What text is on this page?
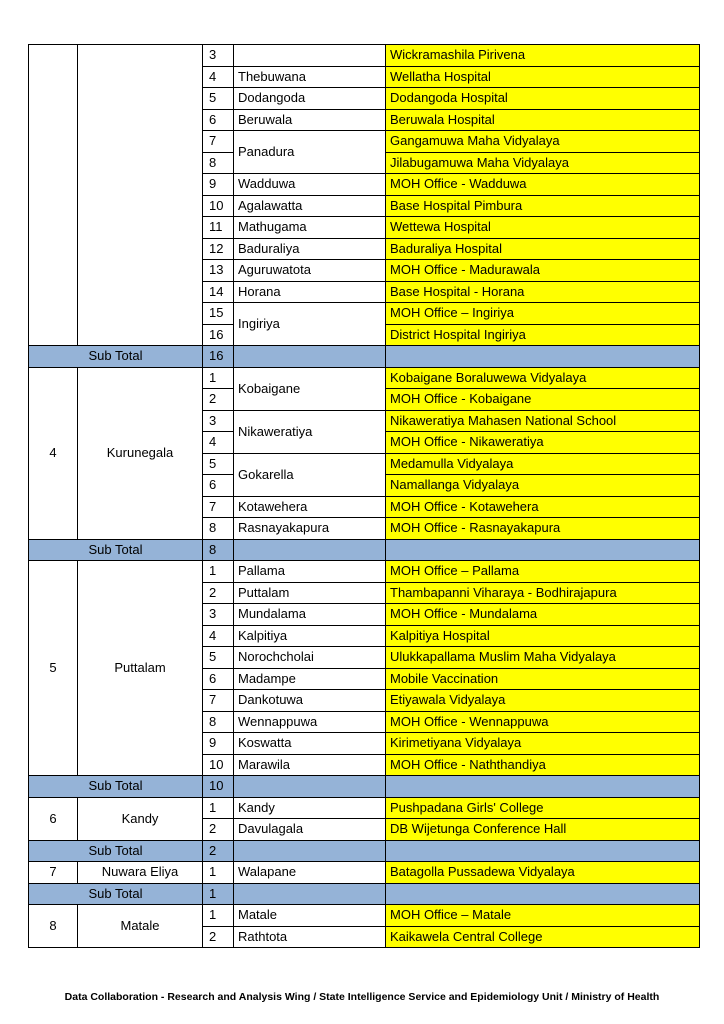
		3		Wickramashila Pirivena
		4	Thebuwana	Wellatha Hospital
		5	Dodangoda	Dodangoda Hospital
		6	Beruwala	Beruwala Hospital
		7	Panadura	Gangamuwa Maha Vidyalaya
		8		Jilabugamuwa Maha Vidyalaya
		9	Wadduwa	MOH Office - Wadduwa
		10	Agalawatta	Base Hospital Pimbura
		11	Mathugama	Wettewa Hospital
		12	Baduraliya	Baduraliya Hospital
		13	Aguruwatota	MOH Office - Madurawala
		14	Horana	Base Hospital - Horana
		15	Ingiriya	MOH Office – Ingiriya
		16		District Hospital Ingiriya
Sub Total		16		
4	Kurunegala	1	Kobaigane	Kobaigane Boraluwewa Vidyalaya
		2		MOH Office - Kobaigane
		3	Nikaweratiya	Nikaweratiya Mahasen National School
		4		MOH Office - Nikaweratiya
		5	Gokarella	Medamulla Vidyalaya
		6		Namallanga Vidyalaya
		7	Kotawehera	MOH Office - Kotawehera
		8	Rasnayakapura	MOH Office - Rasnayakapura
Sub Total		8		
5	Puttalam	1	Pallama	MOH Office – Pallama
		2	Puttalam	Thambapanni Viharaya - Bodhirajapura
		3	Mundalama	MOH Office - Mundalama
		4	Kalpitiya	Kalpitiya Hospital
		5	Norochcholai	Ulukkapallama Muslim Maha Vidyalaya
		6	Madampe	Mobile Vaccination
		7	Dankotuwa	Etiyawala Vidyalaya
		8	Wennappuwa	MOH Office - Wennappuwa
		9	Koswatta	Kirimetiyana Vidyalaya
		10	Marawila	MOH Office - Naththandiya
Sub Total		10		
6	Kandy	1	Kandy	Pushpadana Girls' College
		2	Davulagala	DB Wijetunga Conference Hall
Sub Total		2		
7	Nuwara Eliya	1	Walapane	Batagolla Pussadewa Vidyalaya
Sub Total		1		
8	Matale	1	Matale	MOH Office – Matale
		2	Rathtota	Kaikawela Central College
Data Collaboration - Research and Analysis Wing / State Intelligence Service and Epidemiology Unit / Ministry of Health
